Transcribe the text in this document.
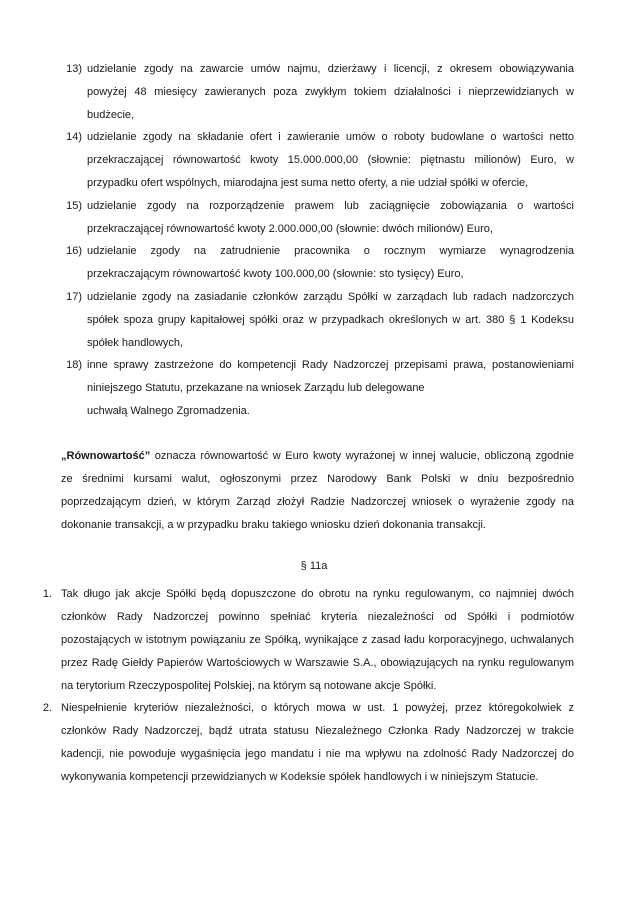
13) udzielanie zgody na zawarcie umów najmu, dzierżawy i licencji, z okresem obowiązywania
powyżej 48 miesięcy zawieranych poza zwykłym tokiem działalności i nieprzewidzianych w
budżecie,
14) udzielanie zgody na składanie ofert i zawieranie umów o roboty budowlane o wartości netto
przekraczającej równowartość kwoty 15.000.000,00 (słownie: piętnastu milionów) Euro, w
przypadku ofert wspólnych, miarodajna jest suma netto oferty, a nie udział spółki w ofercie,
15) udzielanie zgody na rozporządzenie prawem lub zaciągnięcie zobowiązania o wartości
przekraczającej równowartość kwoty 2.000.000,00 (słownie: dwóch milionów) Euro,
16) udzielanie zgody na zatrudnienie pracownika o rocznym wymiarze wynagrodzenia
przekraczającym równowartość kwoty 100.000,00 (słownie: sto tysięcy) Euro,
17) udzielanie zgody na zasiadanie członków zarządu Spółki w zarządach lub radach nadzorczych
spółek spoza grupy kapitałowej spółki oraz w przypadkach określonych w art. 380 § 1 Kodeksu
spółek handlowych,
18) inne sprawy zastrzeżone do kompetencji Rady Nadzorczej przepisami prawa, postanowieniami
niniejszego Statutu, przekazane na wniosek Zarządu lub delegowane
uchwałą Walnego Zgromadzenia.
„Równowartość” oznacza równowartość w Euro kwoty wyrażonej w innej walucie, obliczoną zgodnie
ze średnimi kursami walut, ogłoszonymi przez Narodowy Bank Polski w dniu bezpośrednio
poprzedzającym dzień, w którym Zarząd złożył Radzie Nadzorczej wniosek o wyrażenie zgody na
dokonanie transakcji, a w przypadku braku takiego wniosku dzień dokonania transakcji.
§ 11a
1. Tak długo jak akcje Spółki będą dopuszczone do obrotu na rynku regulowanym, co najmniej dwóch
członków Rady Nadzorczej powinno spełniać kryteria niezależności od Spółki i podmiotów
pozostających w istotnym powiązaniu ze Spółką, wynikające z zasad ładu korporacyjnego, uchwalanych
przez Radę Giełdy Papierów Wartościowych w Warszawie S.A., obowiązujących na rynku regulowanym
na terytorium Rzeczypospolitej Polskiej, na którym są notowane akcje Spółki.
2. Niespełnienie kryteriów niezależności, o których mowa w ust. 1 powyżej, przez któregokolwiek z
członków Rady Nadzorczej, bądź utrata statusu Niezależnego Członka Rady Nadzorczej w trakcie
kadencji, nie powoduje wygaśnięcia jego mandatu i nie ma wpływu na zdolność Rady Nadzorczej do
wykonywania kompetencji przewidzianych w Kodeksie spółek handlowych i w niniejszym Statucie.
